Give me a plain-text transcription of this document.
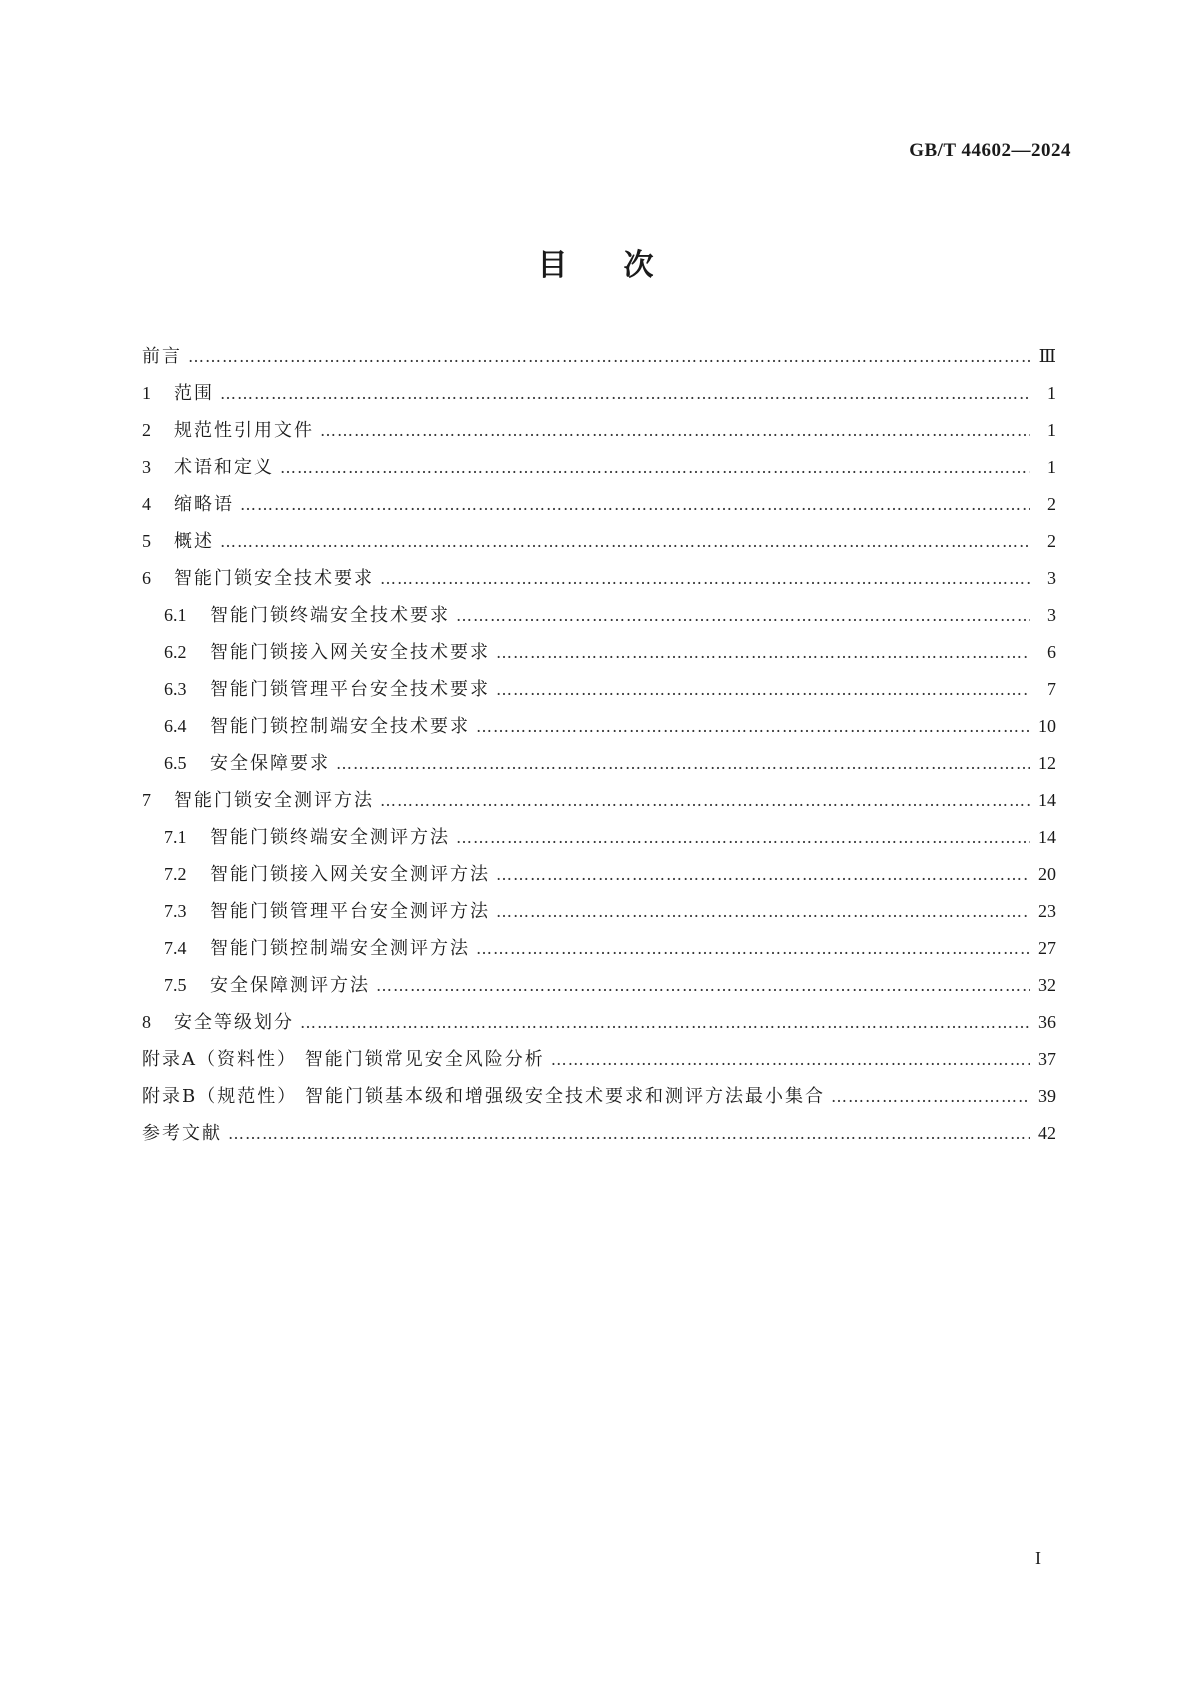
GB/T 44602—2024
目次
前言 ………………………………………………………………………………………………………………………………………………………………………………	Ⅲ
1	范围 ………………………………………………………………………………………………………………………………………………………………………………	1
2	规范性引用文件 ………………………………………………………………………………………………………………………………………………………………………………	1
3	术语和定义 ………………………………………………………………………………………………………………………………………………………………………………	1
4	缩略语 ………………………………………………………………………………………………………………………………………………………………………………	2
5	概述 ………………………………………………………………………………………………………………………………………………………………………………	2
6	智能门锁安全技术要求 ………………………………………………………………………………………………………………………………………………………………………………	3
6.1	智能门锁终端安全技术要求 ………………………………………………………………………………………………………………………………………………………………………………	3
6.2	智能门锁接入网关安全技术要求 ………………………………………………………………………………………………………………………………………………………………………………	6
6.3	智能门锁管理平台安全技术要求 ………………………………………………………………………………………………………………………………………………………………………………	7
6.4	智能门锁控制端安全技术要求 ………………………………………………………………………………………………………………………………………………………………………………	10
6.5	安全保障要求 ………………………………………………………………………………………………………………………………………………………………………………	12
7	智能门锁安全测评方法 ………………………………………………………………………………………………………………………………………………………………………………	14
7.1	智能门锁终端安全测评方法 ………………………………………………………………………………………………………………………………………………………………………………	14
7.2	智能门锁接入网关安全测评方法 ………………………………………………………………………………………………………………………………………………………………………………	20
7.3	智能门锁管理平台安全测评方法 ………………………………………………………………………………………………………………………………………………………………………………	23
7.4	智能门锁控制端安全测评方法 ………………………………………………………………………………………………………………………………………………………………………………	27
7.5	安全保障测评方法 ………………………………………………………………………………………………………………………………………………………………………………	32
8	安全等级划分 ………………………………………………………………………………………………………………………………………………………………………………	36
附录A（资料性） 智能门锁常见安全风险分析 ………………………………………………………………………………………………………………………………………………………………………………	37
附录B（规范性） 智能门锁基本级和增强级安全技术要求和测评方法最小集合 ………………………………………………………………………………………………………………………………………………………………………………	39
参考文献 ………………………………………………………………………………………………………………………………………………………………………………	42
I
